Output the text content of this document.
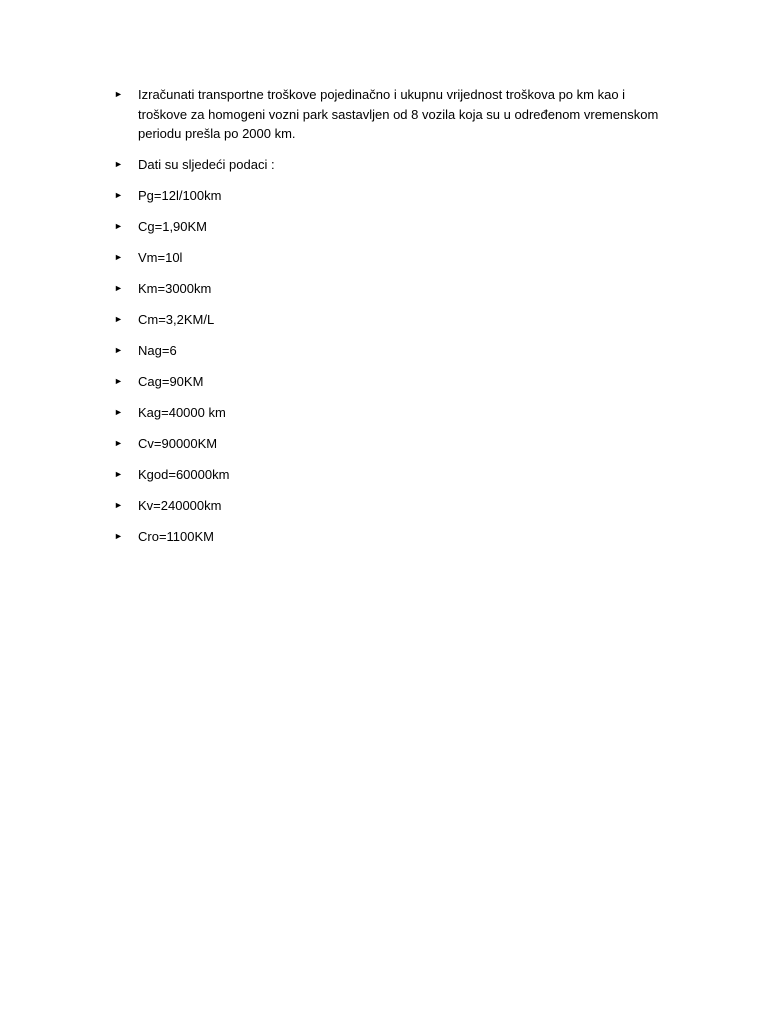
► Izračunati transportne troškove pojedinačno i ukupnu vrijednost troškova po km kao i troškove za homogeni vozni park sastavljen od 8 vozila koja su u određenom vremenskom periodu prešla po 2000 km.
► Dati su sljedeći podaci :
► Pg=12l/100km
► Cg=1,90KM
► Vm=10l
► Km=3000km
► Cm=3,2KM/L
► Nag=6
► Cag=90KM
► Kag=40000 km
► Cv=90000KM
► Kgod=60000km
► Kv=240000km
► Cro=1100KM
